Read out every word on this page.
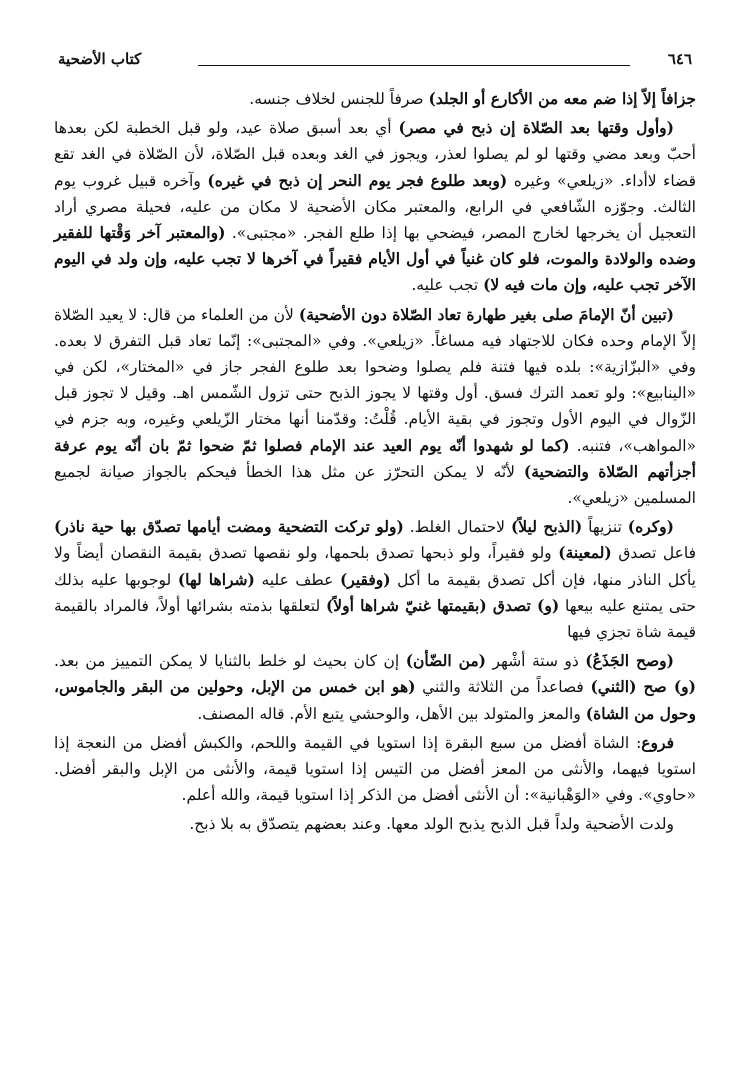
كتاب الأضحية	٦٤٦

جزافاً إلاّ إذا ضم معه من الأكارع أو الجلد) صرفاً للجنس لخلاف جنسه.

(وأول وقتها بعد الصّلاة إن ذبح في مصر) أي بعد أسبق صلاة عيد، ولو قبل الخطبة لكن بعدها أحبّ وبعد مضي وقتها لو لم يصلوا لعذر، ويجوز في الغد وبعده قبل الصّلاة، لأن الصّلاة في الغد تقع قضاء لاأداء. «زيلعي» وغيره (وبعد طلوع فجر يوم النحر إن ذبح في غيره) وآخره قبيل غروب يوم الثالث. وجوّزه الشّافعي في الرابع، والمعتبر مكان الأضحية لا مكان من عليه، فحيلة مصري أراد التعجيل أن يخرجها لخارج المصر، فيضحي بها إذا طلع الفجر. «مجتبى». (والمعتبر آخر وَقْتها للفقير وضده والولادة والموت، فلو كان غنياً في أول الأيام فقيراً في آخرها لا تجب عليه، وإن ولد في اليوم الآخر تجب عليه، وإن مات فيه لا) تجب عليه.

(تبين أنّ الإمامَ صلى بغير طهارة تعاد الصّلاة دون الأضحية) لأن من العلماء من قال: لا يعيد الصّلاة إلاّ الإمام وحده فكان للاجتهاد فيه مساغاً. «زيلعي». وفي «المجتبى»: إنّما تعاد قبل التفرق لا بعده. وفي «البزّازية»: بلده فيها فتنة فلم يصلوا وضحوا بعد طلوع الفجر جاز في «المختار»، لكن في «الينابيع»: ولو تعمد الترك فسق. أول وقتها لا يجوز الذبح حتى تزول الشّمس اهـ. وقيل لا تجوز قبل الزّوال في اليوم الأول وتجوز في بقية الأيام. قُلْتُ: وقدّمنا أنها مختار الزّيلعي وغيره، وبه جزم في «المواهب»، فتنبه. (كما لو شهدوا أنّه يوم العيد عند الإمام فصلوا ثمّ ضحوا ثمّ بان أنّه يوم عرفة أجزأتهم الصّلاة والتضحية) لأنّه لا يمكن التحرّز عن مثل هذا الخطأ فيحكم بالجواز صيانة لجميع المسلمين «زيلعي».

(وكره) تنزيهاً (الذبح ليلاً) لاحتمال الغلط. (ولو تركت التضحية ومضت أيامها تصدّق بها حية ناذر) فاعل تصدق (لمعينة) ولو فقيراً، ولو ذبحها تصدق بلحمها، ولو نقصها تصدق بقيمة النقصان أيضاً ولا يأكل الناذر منها، فإن أكل تصدق بقيمة ما أكل (وفقير) عطف عليه (شراها لها) لوجوبها عليه بذلك حتى يمتنع عليه بيعها (و) تصدق (بقيمتها غنيّ شراها أولاً) لتعلقها بذمته بشرائها أولاً، فالمراد بالقيمة قيمة شاة تجزي فيها

(وصح الجَذَعُ) ذو ستة أشْهر (من الضّأن) إن كان بحيث لو خلط بالثنايا لا يمكن التمييز من بعد. (و) صح (الثني) فصاعداً من الثلاثة والثني (هو ابن خمس من الإبل، وحولين من البقر والجاموس، وحول من الشاة) والمعز والمتولد بين الأهل، والوحشي يتبع الأم. قاله المصنف.

فروع: الشاة أفضل من سبع البقرة إذا استويا في القيمة واللحم، والكبش أفضل من النعجة إذا استويا فيهما، والأنثى من المعز أفضل من التيس إذا استويا قيمة، والأنثى من الإبل والبقر أفضل. «حاوي». وفي «الوَهْبانية»: أن الأنثى أفضل من الذكر إذا استويا قيمة، والله أعلم.

ولدت الأضحية ولداً قبل الذبح يذبح الولد معها. وعند بعضهم يتصدّق به بلا ذبح.
